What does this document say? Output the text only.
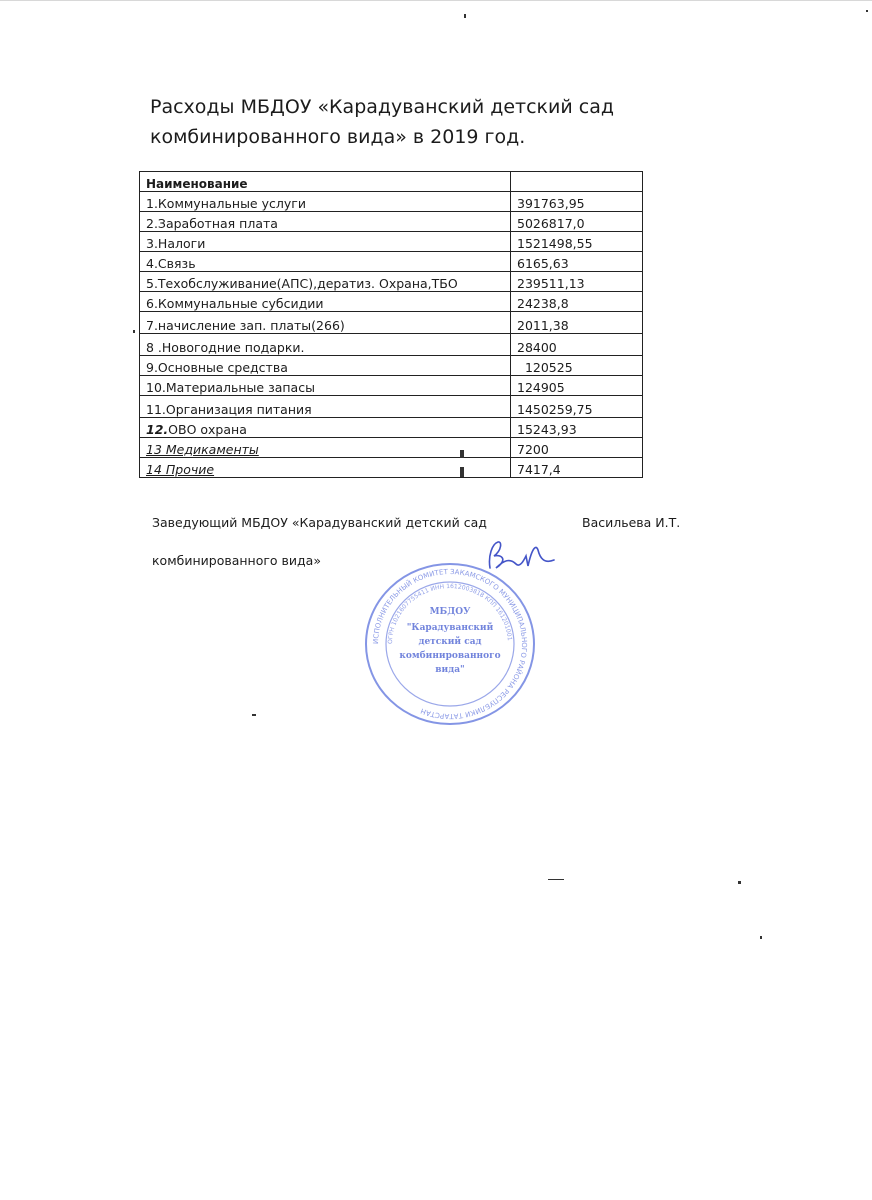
Расходы МБДОУ «Карадуванский детский сад комбинированного вида» в 2019 год.
Наименование	
1.Коммунальные услуги	391763,95
2.Заработная плата	5026817,0
3.Налоги	1521498,55
4.Связь	6165,63
5.Техобслуживание(АПС),дератиз. Охрана,ТБО	239511,13
6.Коммунальные субсидии	24238,8
7.начисление зап. платы(266)	2011,38
8 .Новогодние подарки.	28400
9.Основные средства	120525
10.Материальные запасы	124905
11.Организация питания	1450259,75
12.ОВО охрана	15243,93
13 Медикаменты	7200
14 Прочие	7417,4
Заведующий МБДОУ «Карадуванский детский сад	Васильева И.Т.
комбинированного вида»
ИСПОЛНИТЕЛЬНЫЙ КОМИТЕТ ЗАКАМСКОГО МУНИЦИПАЛЬНОГО РАЙОНА РЕСПУБЛИКИ ТАТАРСТАН
ОГРН 1021607755411 ИНН 1612003818 КПП 161201001
МБДОУ
"Карадуванский
детский сад
комбинированного
вида"
